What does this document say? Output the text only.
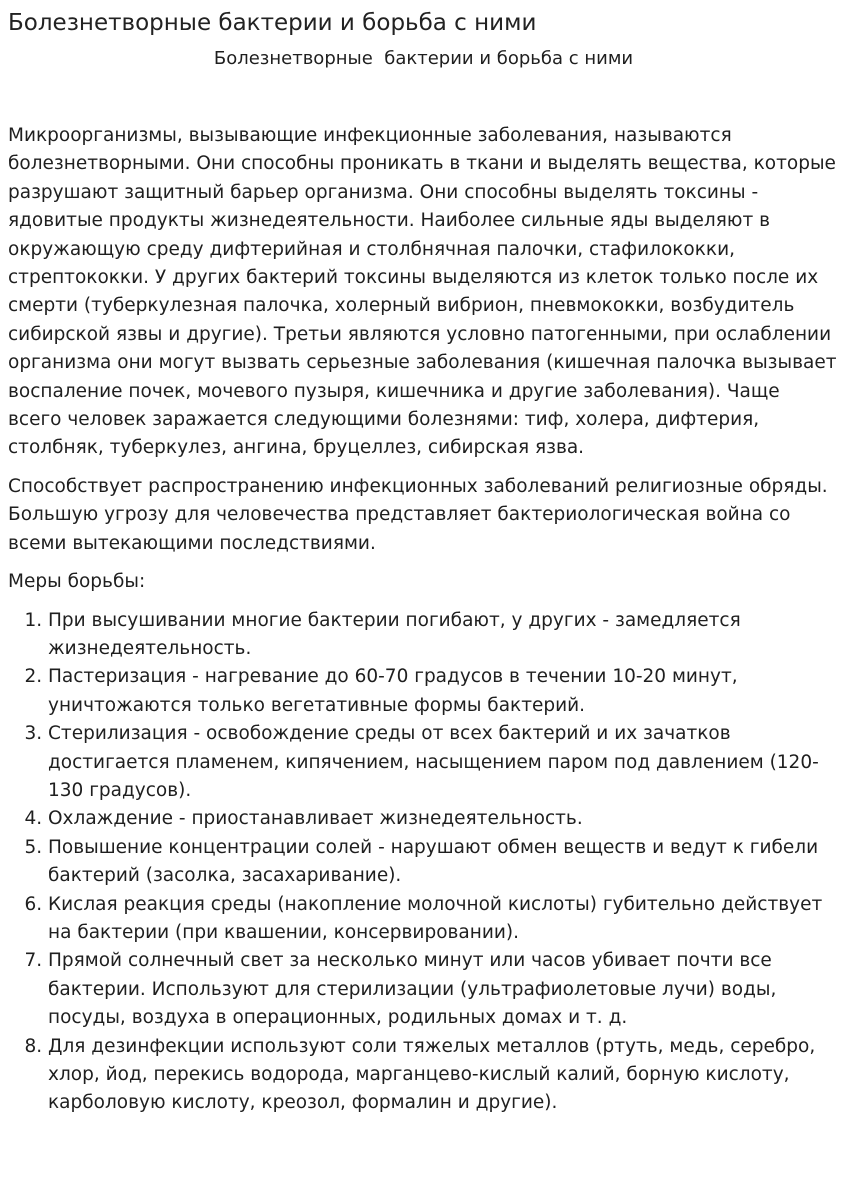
Болезнетворные бактерии и борьба с ними
Болезнетворные  бактерии и борьба с ними

Микроорганизмы, вызывающие инфекционные заболевания, называются болезнетворными. Они способны проникать в ткани и выделять вещества, которые разрушают защитный барьер организма. Они способны выделять токсины - ядовитые продукты жизнедеятельности. Наиболее сильные яды выделяют в окружающую среду дифтерийная и столбнячная палочки, стафилококки, стрептококки. У других бактерий токсины выделяются из клеток только после их смерти (туберкулезная палочка, холерный вибрион, пневмококки, возбудитель сибирской язвы и другие). Третьи являются условно патогенными, при ослаблении организма они могут вызвать серьезные заболевания (кишечная палочка вызывает воспаление почек, мочевого пузыря, кишечника и другие заболевания). Чаще всего человек заражается следующими болезнями: тиф, холера, дифтерия, столбняк, туберкулез, ангина, бруцеллез, сибирская язва.

Способствует распространению инфекционных заболеваний религиозные обряды. Большую угрозу для человечества представляет бактериологическая война со всеми вытекающими последствиями.

Меры борьбы:

1. При высушивании многие бактерии погибают, у других - замедляется жизнедеятельность.
2. Пастеризация - нагревание до 60-70 градусов в течении 10-20 минут, уничтожаются только вегетативные формы бактерий.
3. Стерилизация - освобождение среды от всех бактерий и их зачатков достигается пламенем, кипячением, насыщением паром под давлением (120-130 градусов).
4. Охлаждение - приостанавливает жизнедеятельность.
5. Повышение концентрации солей - нарушают обмен веществ и ведут к гибели бактерий (засолка, засахаривание).
6. Кислая реакция среды (накопление молочной кислоты) губительно действует на бактерии (при квашении, консервировании).
7. Прямой солнечный свет за несколько минут или часов убивает почти все бактерии. Используют для стерилизации (ультрафиолетовые лучи) воды, посуды, воздуха в операционных, родильных домах и т. д.
8. Для дезинфекции используют соли тяжелых металлов (ртуть, медь, серебро, хлор, йод, перекись водорода, марганцево-кислый калий, борную кислоту, карболовую кислоту, креозол, формалин и другие).
